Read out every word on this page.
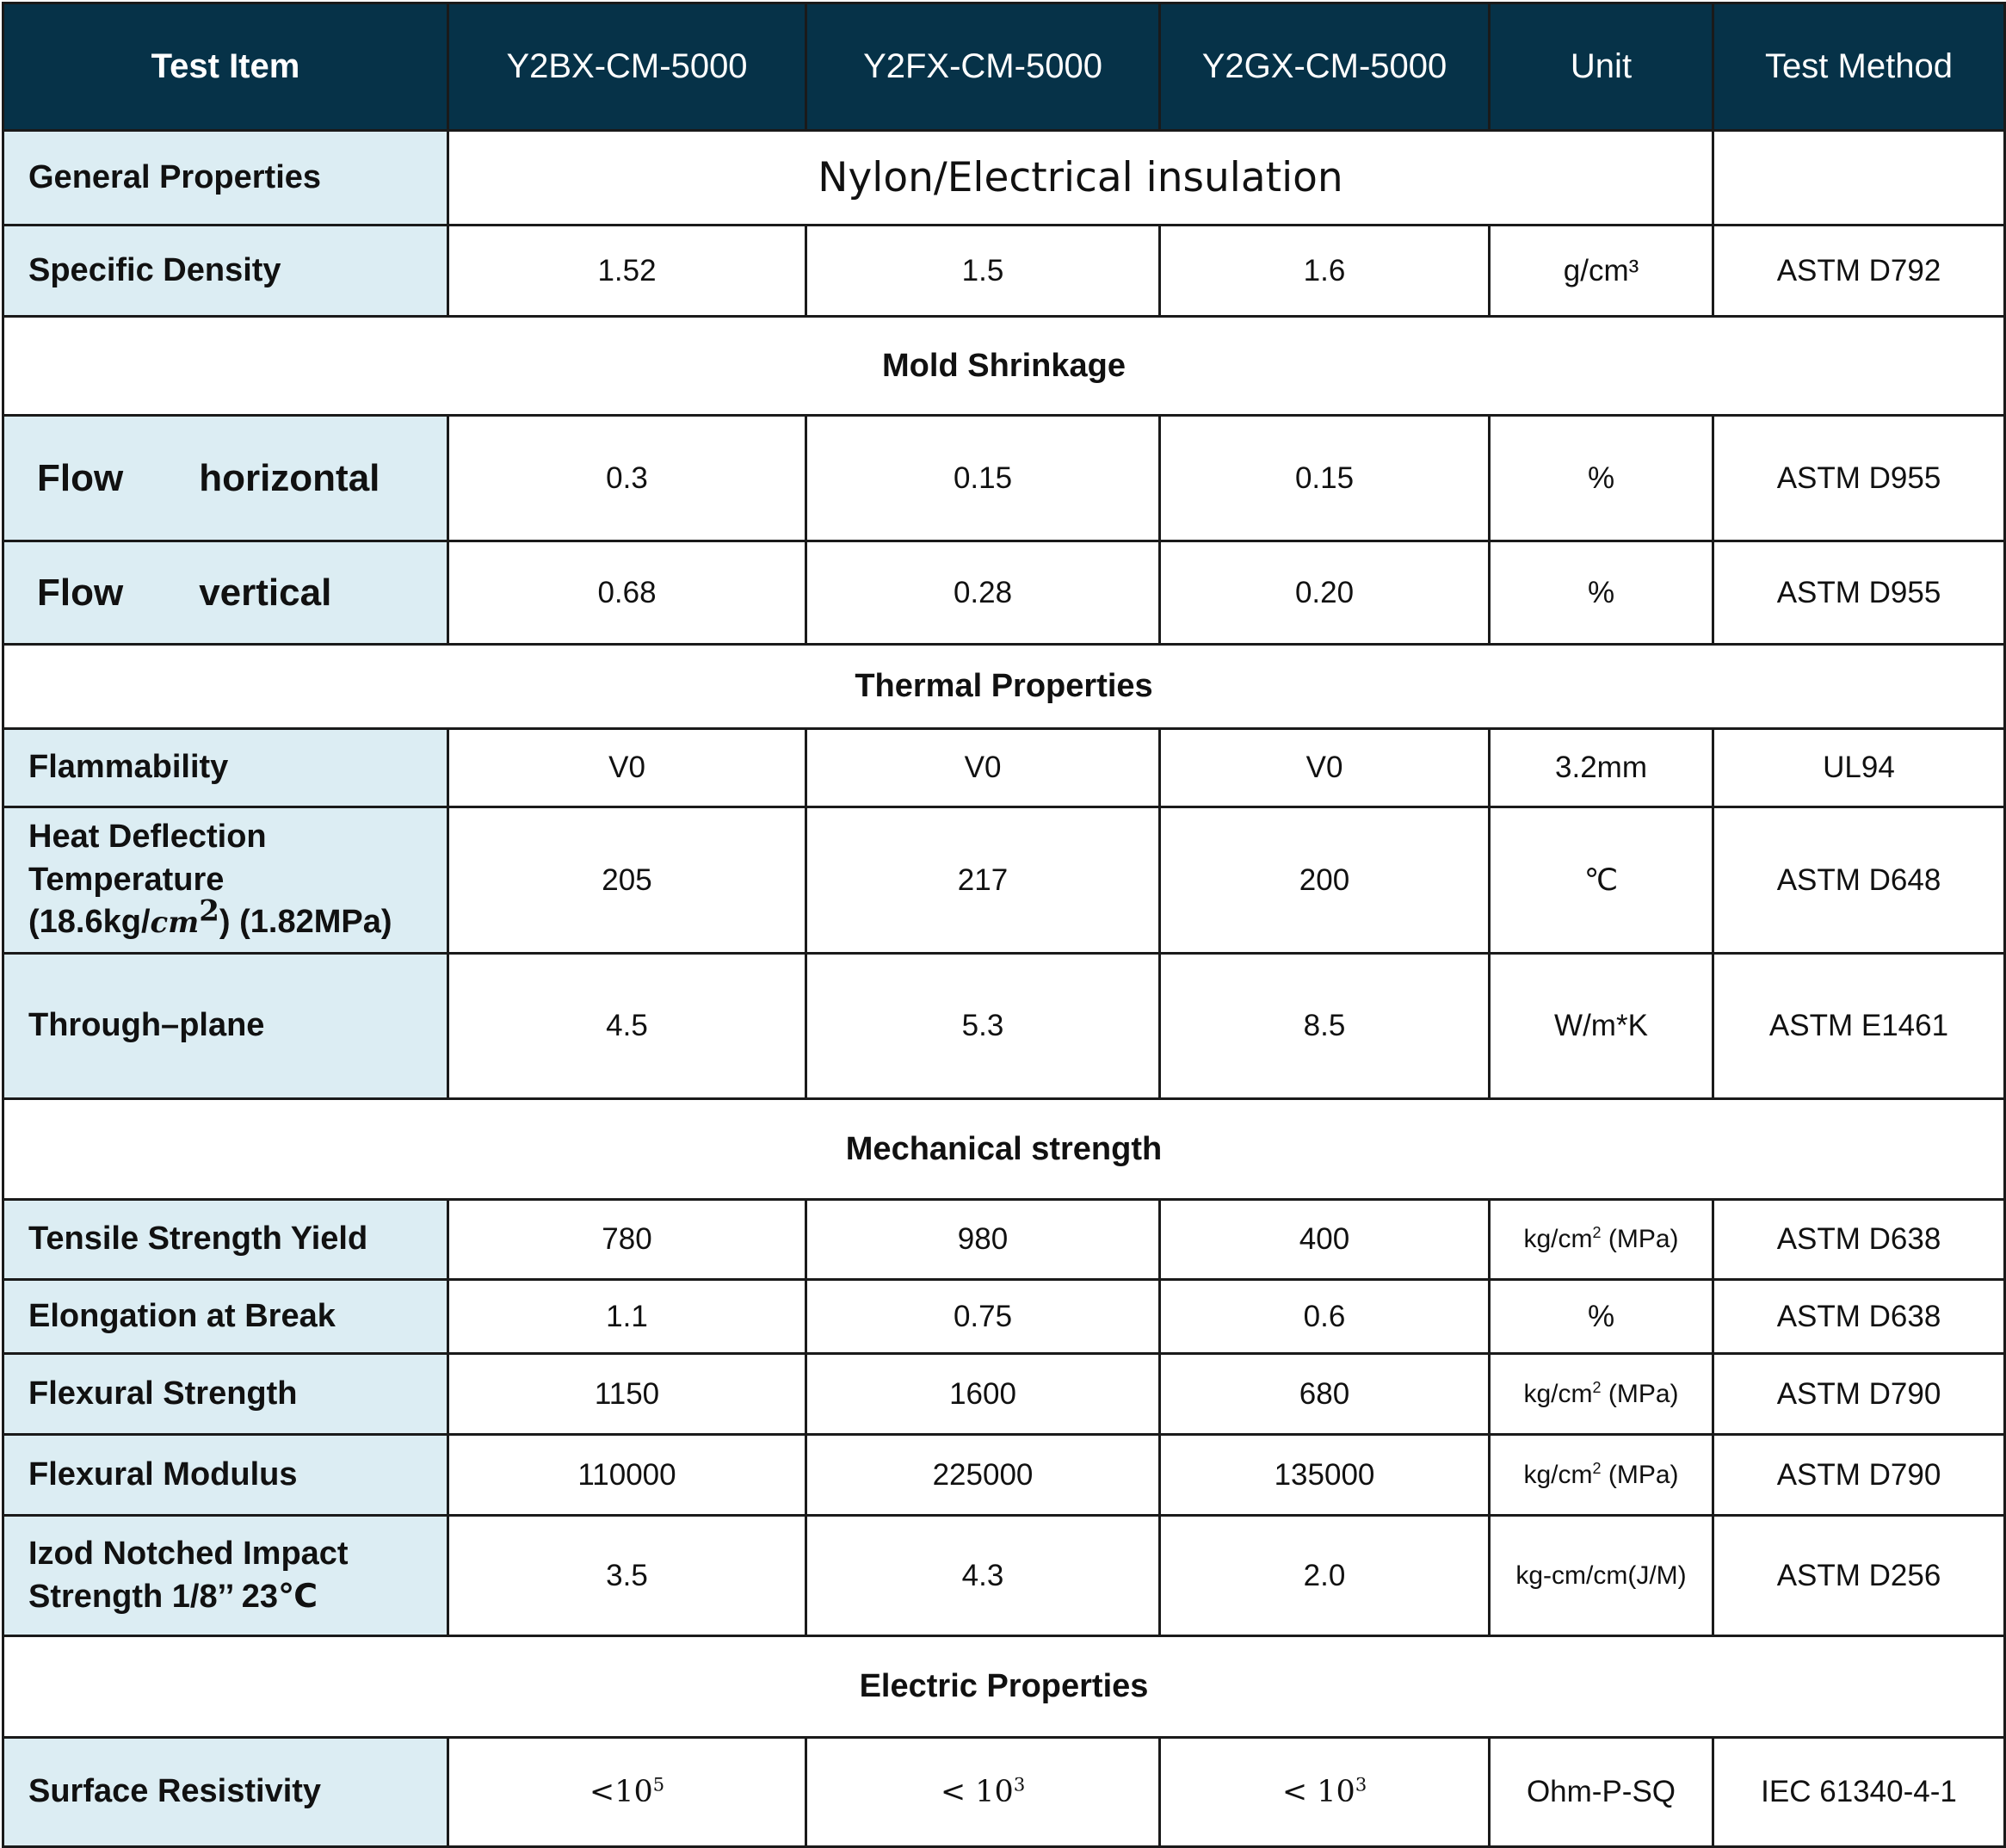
Test Item	Y2BX-CM-5000	Y2FX-CM-5000	Y2GX-CM-5000	Unit	Test Method
General Properties	Nylon/Electrical insulation				
Specific Density	1.52	1.5	1.6	g/cm³	ASTM D792
Mold Shrinkage					
Flow horizontal	0.3	0.15	0.15	%	ASTM D955
Flow vertical	0.68	0.28	0.20	%	ASTM D955
Thermal Properties					
Flammability	V0	V0	V0	3.2mm	UL94

Heat Deflection
Temperature
$(18.6kg/cm^2)$ (1.82MPa)	205	217	200	℃	ASTM D648
Through–plane	4.5	5.3	8.5	W/m*K	ASTM E1461
Mechanical strength					
Tensile Strength Yield	780	980	400	$kg/cm^2$ (MPa)	ASTM D638
Elongation at Break	1.1	0.75	0.6	%	ASTM D638
Flexural Strength	1150	1600	680	$kg/cm^2$ (MPa)	ASTM D790
Flexural Modulus	110000	225000	135000	$kg/cm^2$ (MPa)	ASTM D790

Izod Notched Impact
Strength 1/8’’ 23℃	3.5	4.3	2.0	kg-cm/cm(J/M)	ASTM D256
Electric Properties					
Surface Resistivity	$<10^5$	< $10^3$	< $10^3$	Ohm-P-SQ	IEC 61340-4-1
